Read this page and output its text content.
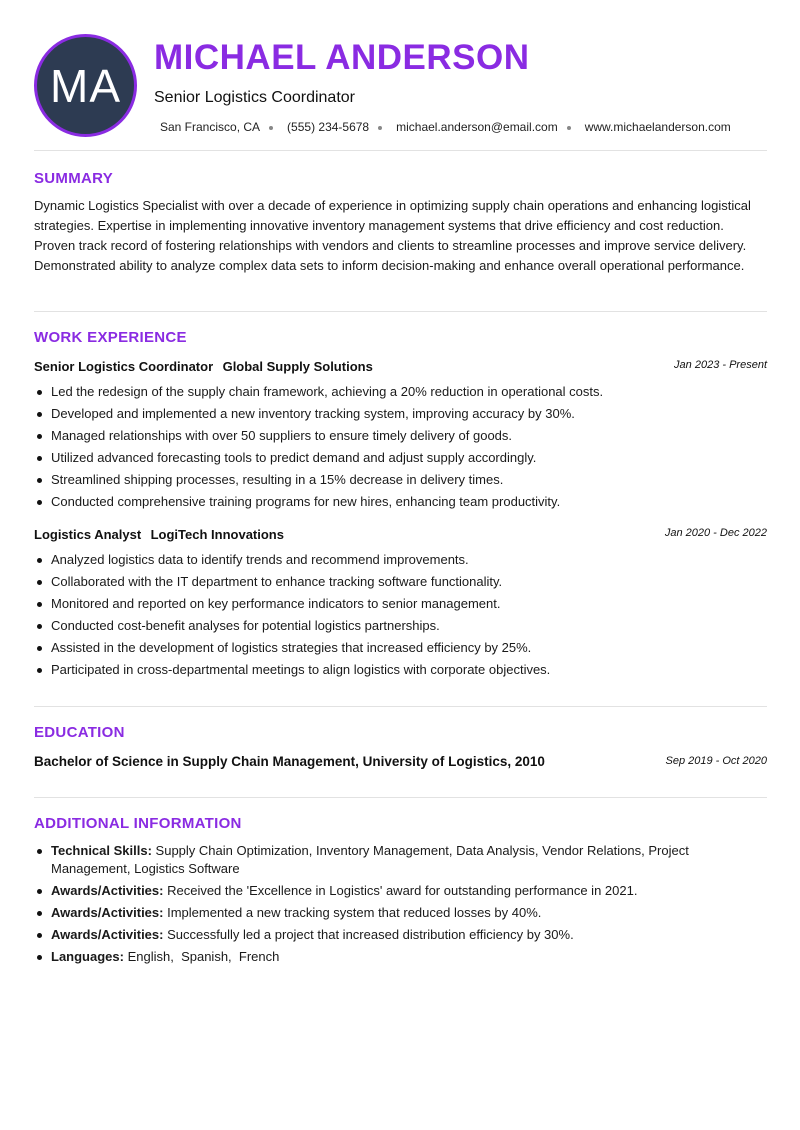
MA
MICHAEL ANDERSON
Senior Logistics Coordinator
San Francisco, CA (555) 234-5678 michael.anderson@email.com www.michaelanderson.com
SUMMARY
Dynamic Logistics Specialist with over a decade of experience in optimizing supply chain operations and enhancing logistical strategies. Expertise in implementing innovative inventory management systems that drive efficiency and cost reduction. Proven track record of fostering relationships with vendors and clients to streamline processes and improve service delivery. Demonstrated ability to analyze complex data sets to inform decision-making and enhance overall operational performance.
WORK EXPERIENCE
Senior Logistics Coordinator Global Supply Solutions	Jan 2023 - Present
Led the redesign of the supply chain framework, achieving a 20% reduction in operational costs.
Developed and implemented a new inventory tracking system, improving accuracy by 30%.
Managed relationships with over 50 suppliers to ensure timely delivery of goods.
Utilized advanced forecasting tools to predict demand and adjust supply accordingly.
Streamlined shipping processes, resulting in a 15% decrease in delivery times.
Conducted comprehensive training programs for new hires, enhancing team productivity.
Logistics Analyst LogiTech Innovations	Jan 2020 - Dec 2022
Analyzed logistics data to identify trends and recommend improvements.
Collaborated with the IT department to enhance tracking software functionality.
Monitored and reported on key performance indicators to senior management.
Conducted cost-benefit analyses for potential logistics partnerships.
Assisted in the development of logistics strategies that increased efficiency by 25%.
Participated in cross-departmental meetings to align logistics with corporate objectives.
EDUCATION
Bachelor of Science in Supply Chain Management, University of Logistics, 2010	Sep 2019 - Oct 2020
ADDITIONAL INFORMATION
Technical Skills: Supply Chain Optimization, Inventory Management, Data Analysis, Vendor Relations, Project Management, Logistics Software
Awards/Activities: Received the 'Excellence in Logistics' award for outstanding performance in 2021.
Awards/Activities: Implemented a new tracking system that reduced losses by 40%.
Awards/Activities: Successfully led a project that increased distribution efficiency by 30%.
Languages: English,  Spanish,  French
